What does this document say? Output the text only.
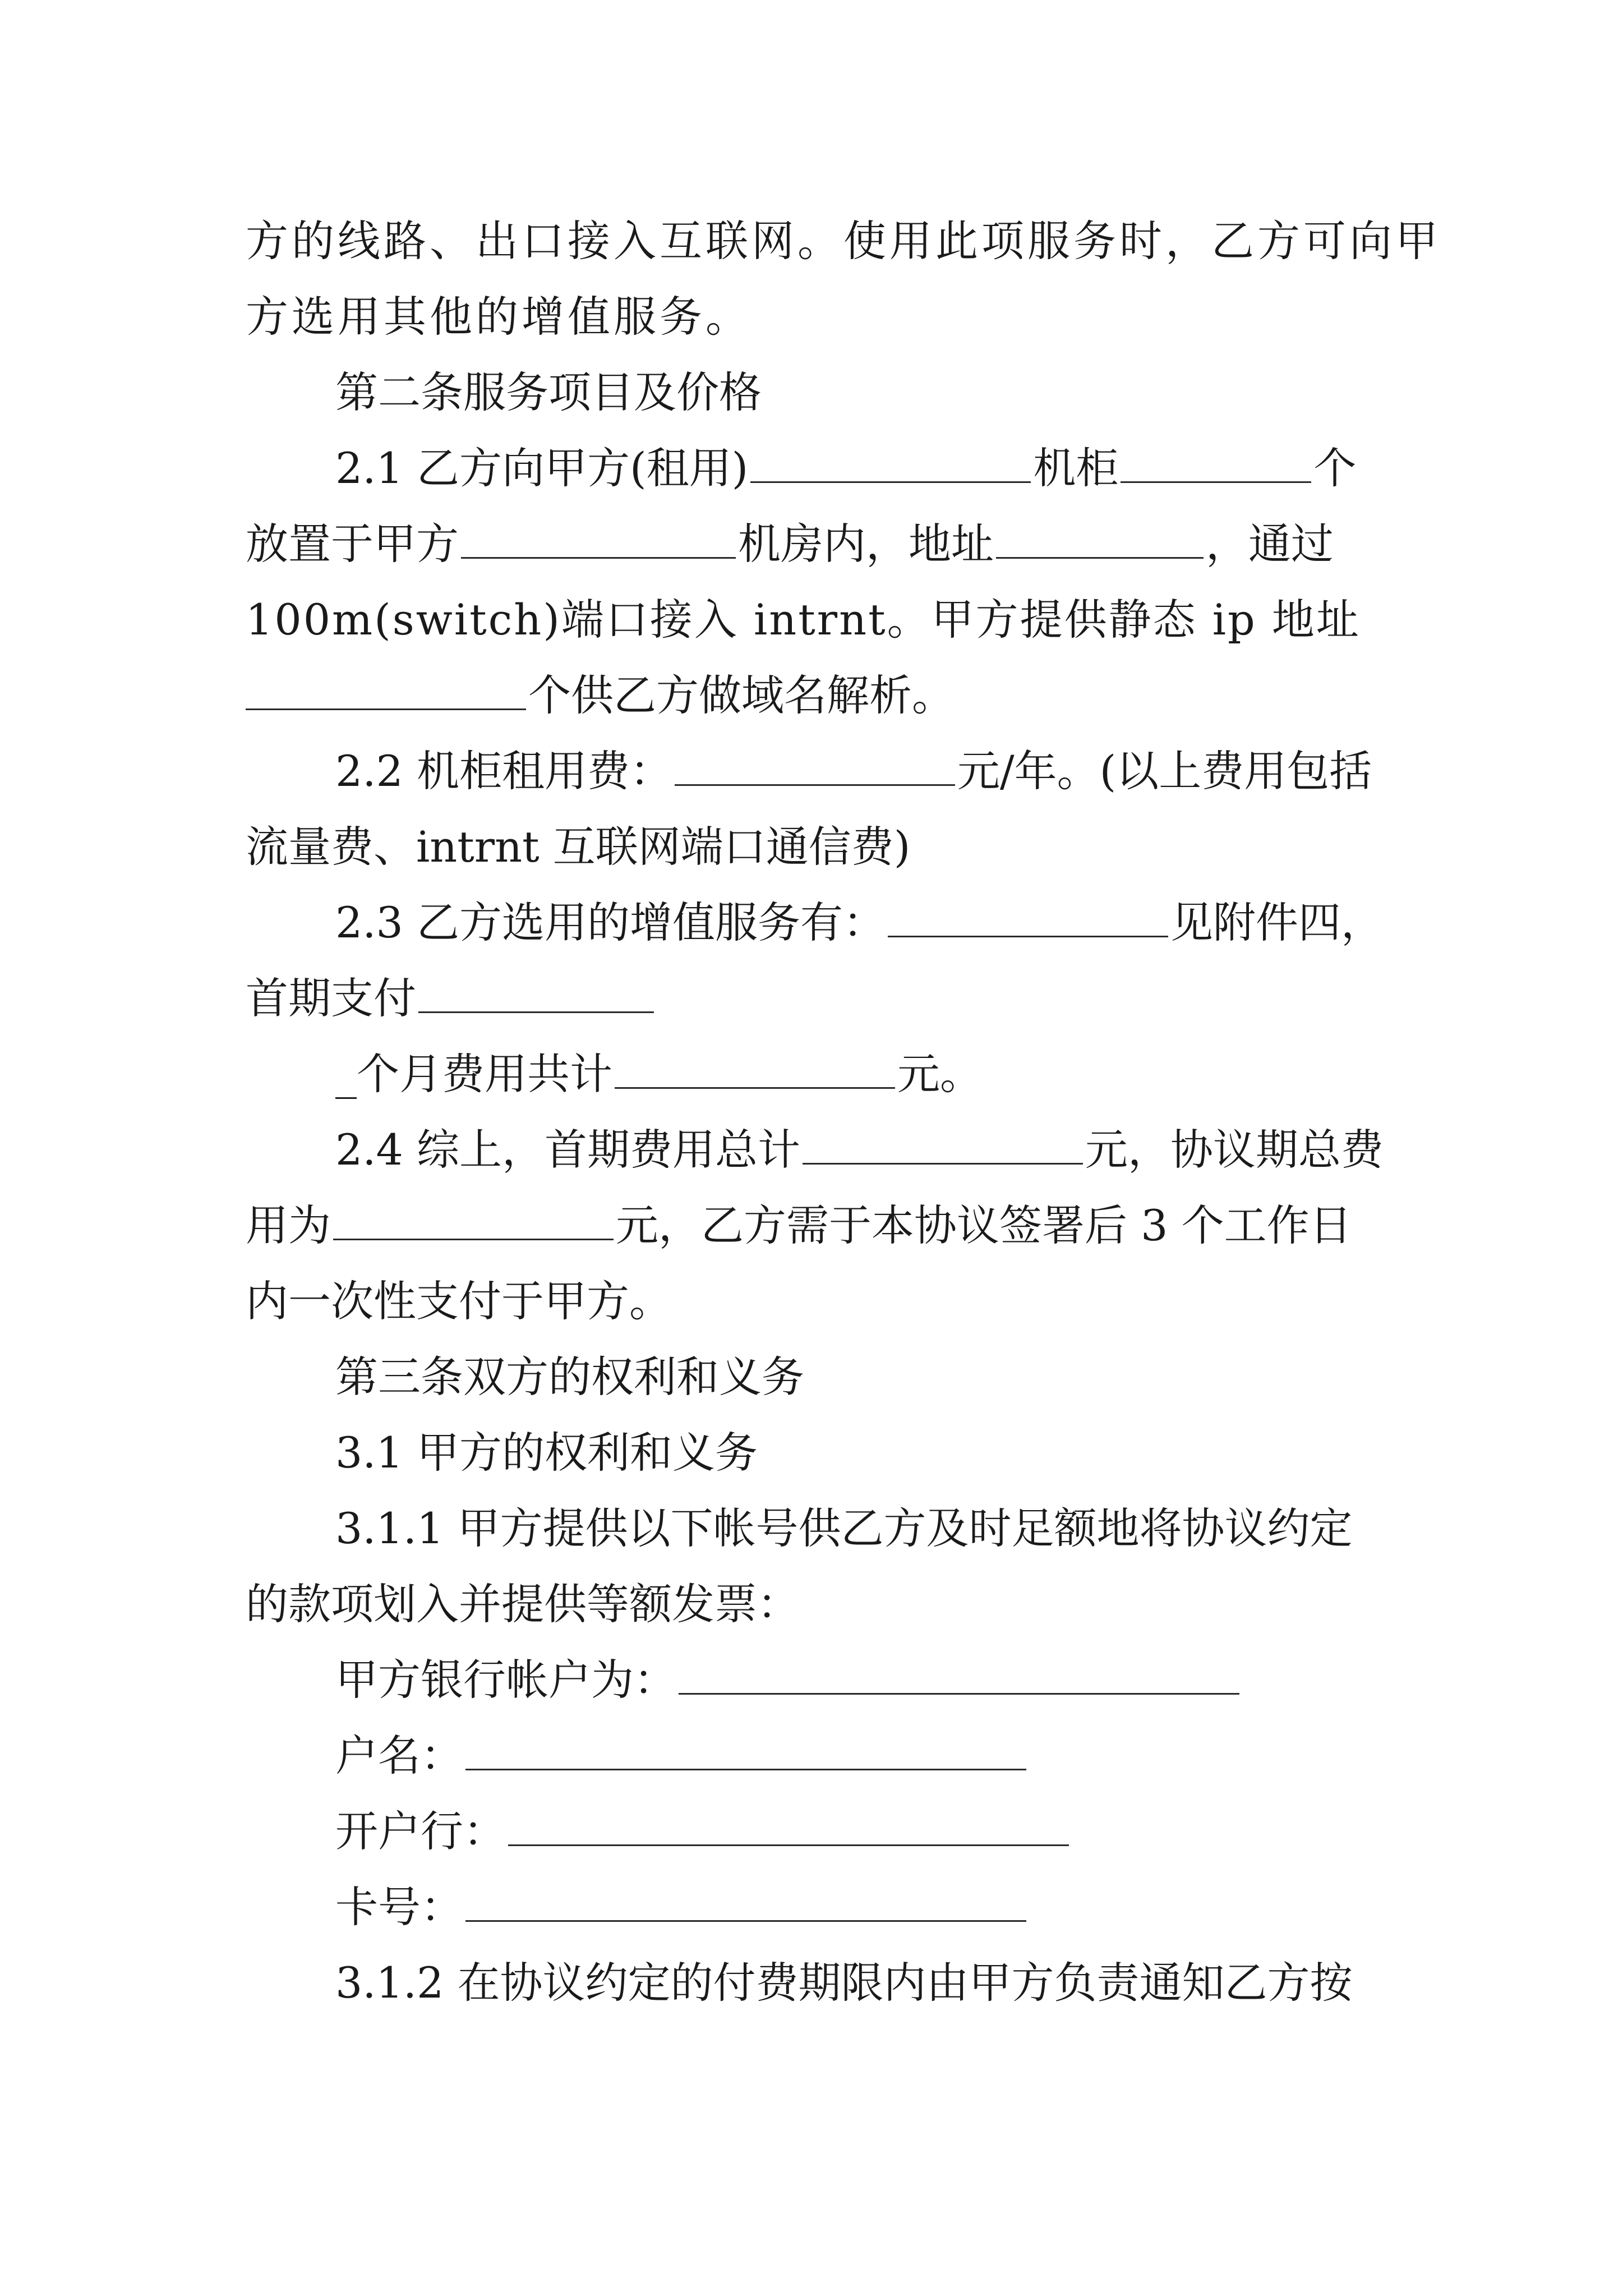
方的线路、出口接入互联网。使用此项服务时，乙方可向甲
方选用其他的增值服务。
第二条服务项目及价格
2.1 乙方向甲方(租用)	机柜	个
放置于甲方	机房内，地址	，通过
100m(switch)端口接入 intrnt。甲方提供静态 ip 地址
个供乙方做域名解析。
2.2 机柜租用费：	元/年。(以上费用包括
流量费、intrnt 互联网端口通信费)
2.3 乙方选用的增值服务有：	见附件四，
首期支付
_个月费用共计	元。
2.4 综上，首期费用总计	元，协议期总费
用为	元，乙方需于本协议签署后 3 个工作日
内一次性支付于甲方。
第三条双方的权利和义务
3.1 甲方的权利和义务
3.1.1 甲方提供以下帐号供乙方及时足额地将协议约定
的款项划入并提供等额发票：
甲方银行帐户为：
户名：
开户行：
卡号：
3.1.2 在协议约定的付费期限内由甲方负责通知乙方按
